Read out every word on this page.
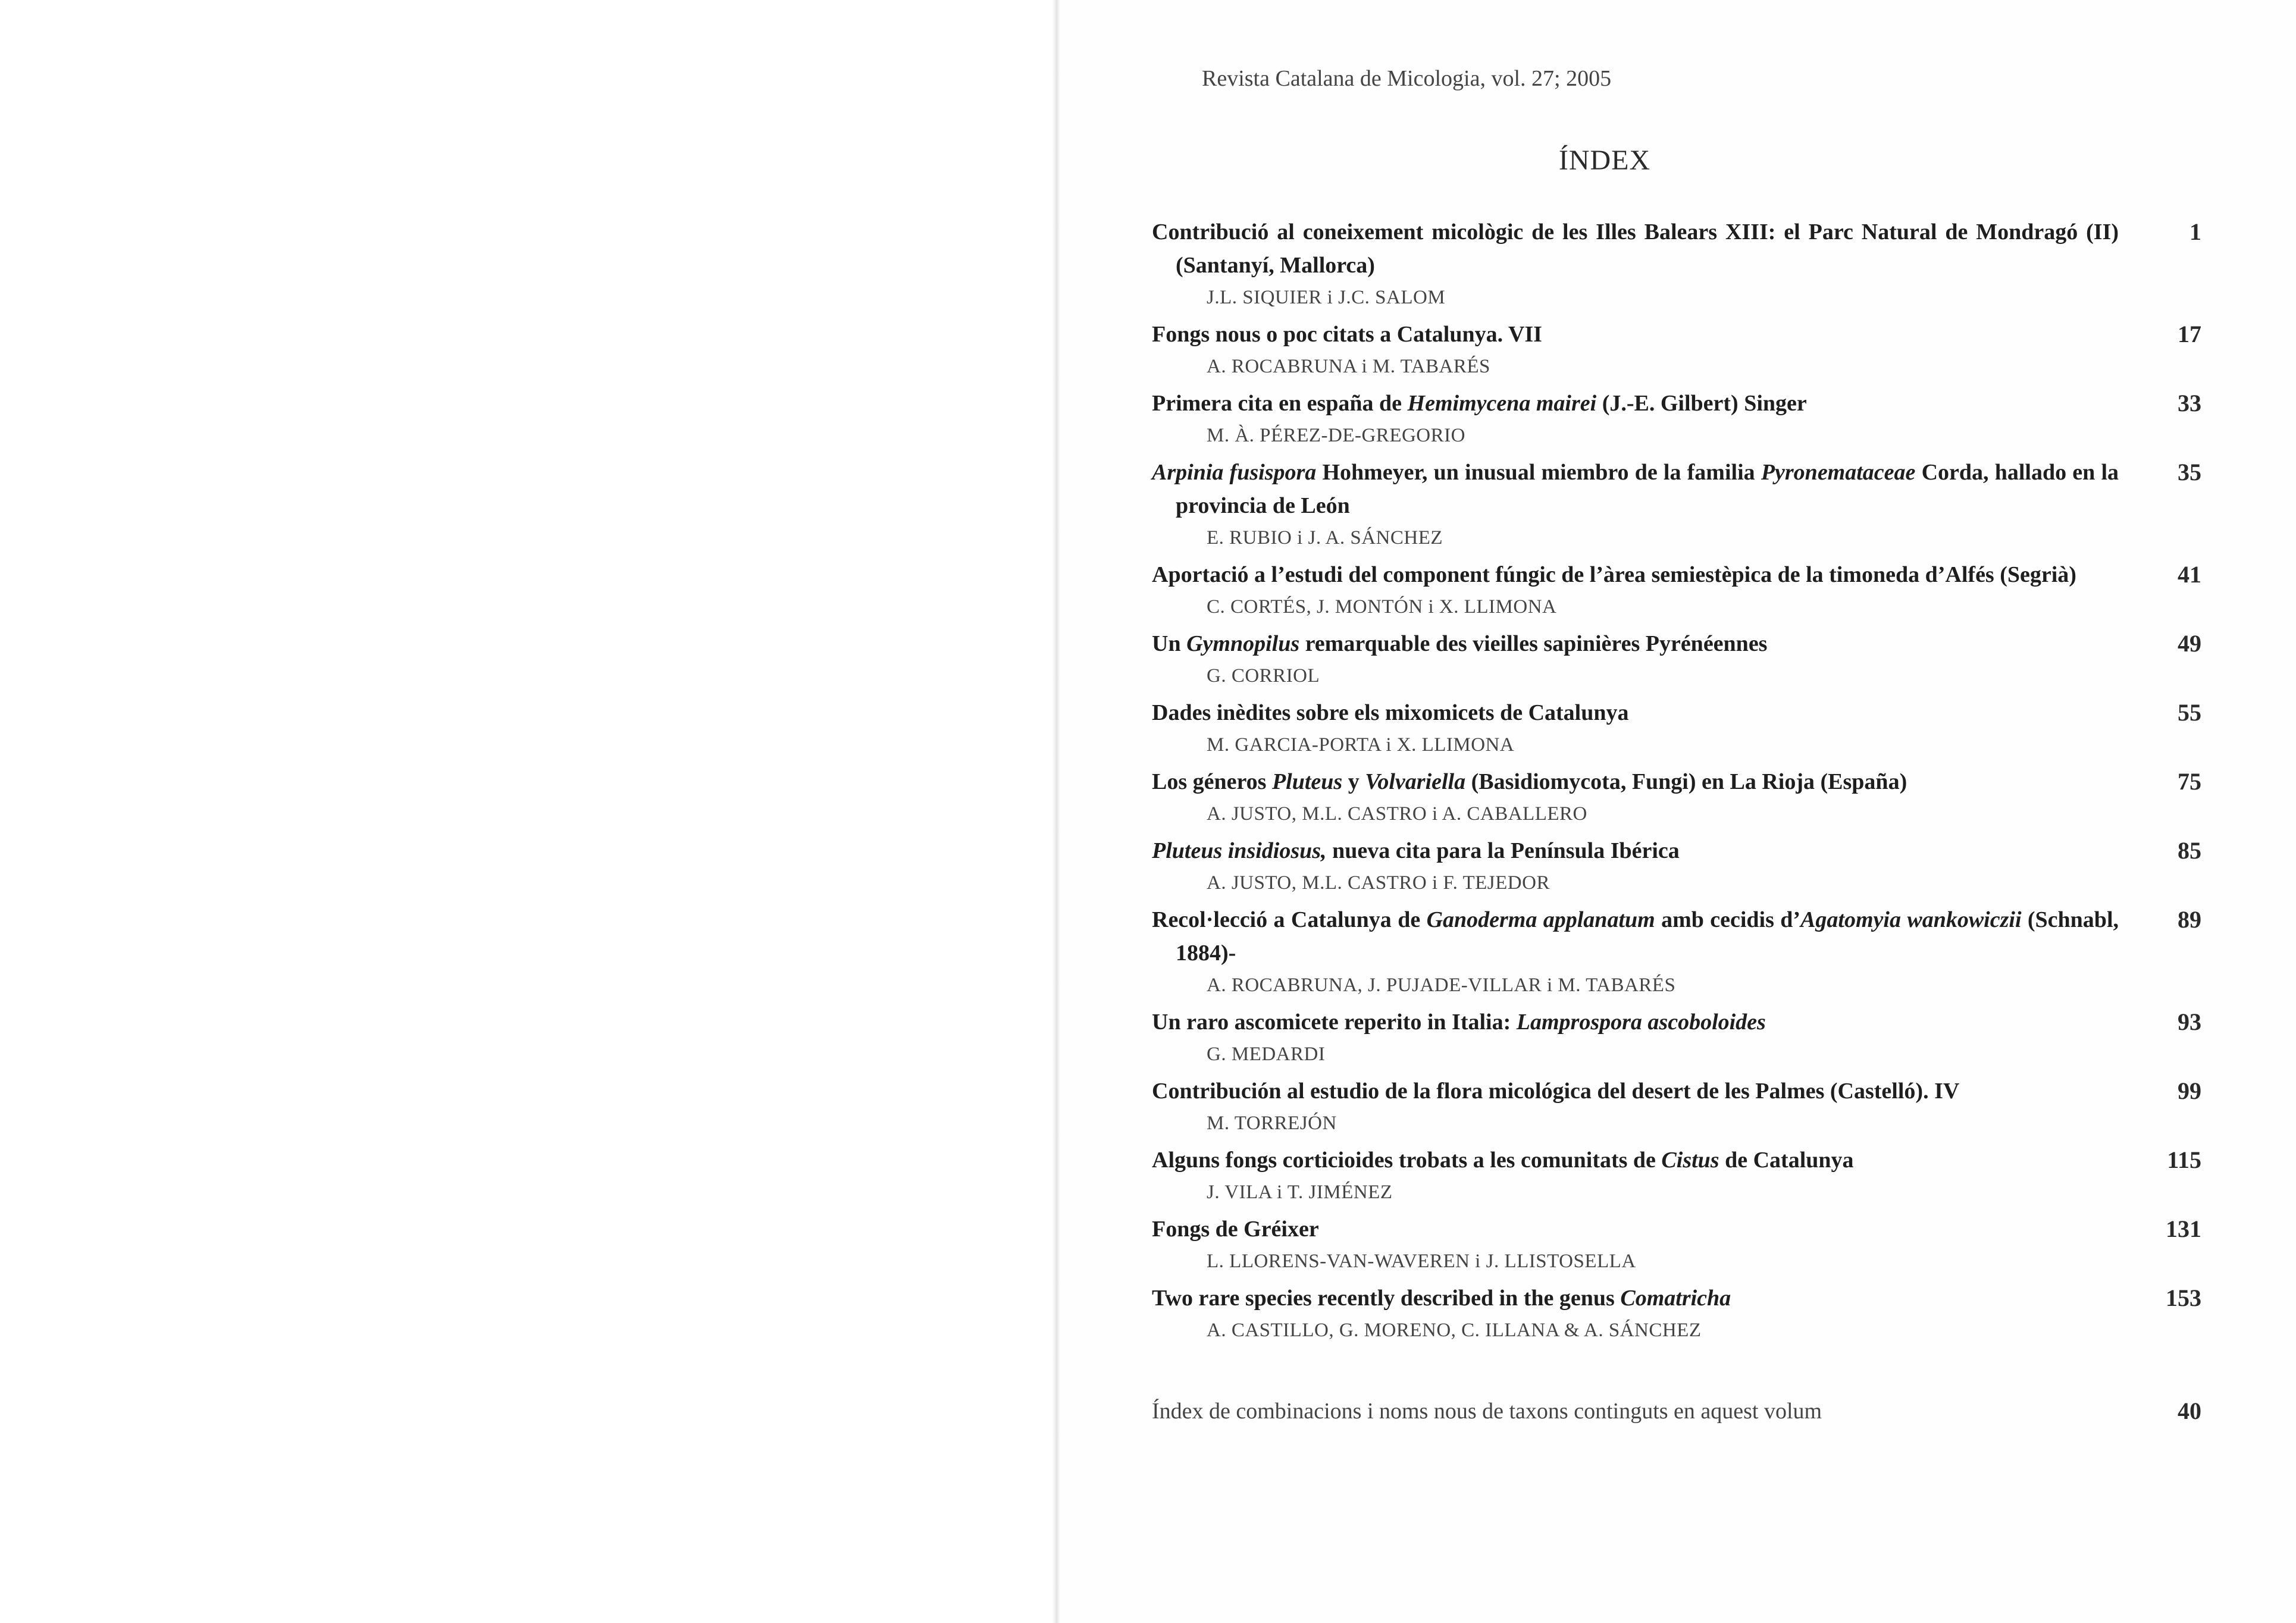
Revista Catalana de Micologia, vol. 27; 2005
ÍNDEX
Contribució al coneixement micològic de les Illes Balears XIII: el Parc Natural de Mondragó (II) (Santanyí, Mallorca)
J.L. SIQUIER i J.C. SALOM
1
Fongs nous o poc citats a Catalunya. VII
A. ROCABRUNA i M. TABARÉS
17
Primera cita en españa de Hemimycena mairei (J.-E. Gilbert) Singer
M. À. PÉREZ-DE-GREGORIO
33
Arpinia fusispora Hohmeyer, un inusual miembro de la familia Pyronemataceae Corda, hallado en la provincia de León
E. RUBIO i J. A. SÁNCHEZ
35
Aportació a l’estudi del component fúngic de l’àrea semiestèpica de la timoneda d’Alfés (Segrià)
C. CORTÉS, J. MONTÓN i X. LLIMONA
41
Un Gymnopilus remarquable des vieilles sapinières Pyrénéennes
G. CORRIOL
49
Dades inèdites sobre els mixomicets de Catalunya
M. GARCIA-PORTA i X. LLIMONA
55
Los géneros Pluteus y Volvariella (Basidiomycota, Fungi) en La Rioja (España)
A. JUSTO, M.L. CASTRO i A. CABALLERO
75
Pluteus insidiosus, nueva cita para la Península Ibérica
A. JUSTO, M.L. CASTRO i F. TEJEDOR
85
Recol·lecció a Catalunya de Ganoderma applanatum amb cecidis d’Agatomyia wankowiczii (Schnabl, 1884)-
A. ROCABRUNA, J. PUJADE-VILLAR i M. TABARÉS
89
Un raro ascomicete reperito in Italia: Lamprospora ascoboloides
G. MEDARDI
93
Contribución al estudio de la flora micológica del desert de les Palmes (Castelló). IV
M. TORREJÓN
99
Alguns fongs corticioides trobats a les comunitats de Cistus de Catalunya
J. VILA i T. JIMÉNEZ
115
Fongs de Gréixer
L. LLORENS-VAN-WAVEREN i J. LLISTOSELLA
131
Two rare species recently described in the genus Comatricha
A. CASTILLO, G. MORENO, C. ILLANA & A. SÁNCHEZ
153
Índex de combinacions i noms nous de taxons continguts en aquest volum	40
